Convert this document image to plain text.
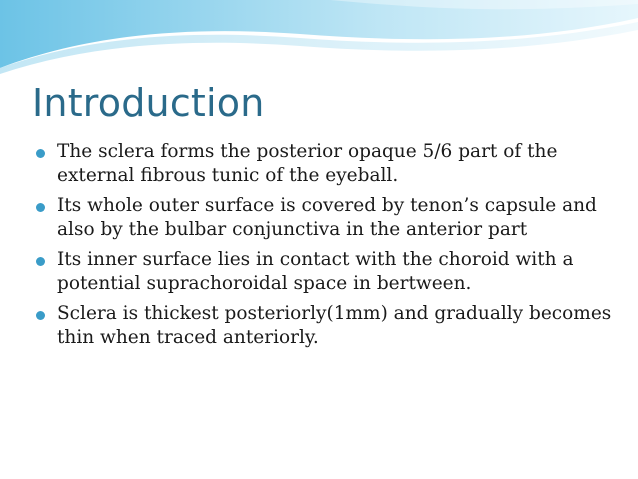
Introduction
The sclera forms the posterior opaque 5/6 part of the external fibrous tunic of the eyeball.
Its whole outer surface is covered by tenon’s capsule and also by the bulbar conjunctiva in the anterior part
Its inner surface lies in contact with the choroid with a potential suprachoroidal space in bertween.
Sclera is thickest posteriorly(1mm) and gradually becomes thin when traced anteriorly.
